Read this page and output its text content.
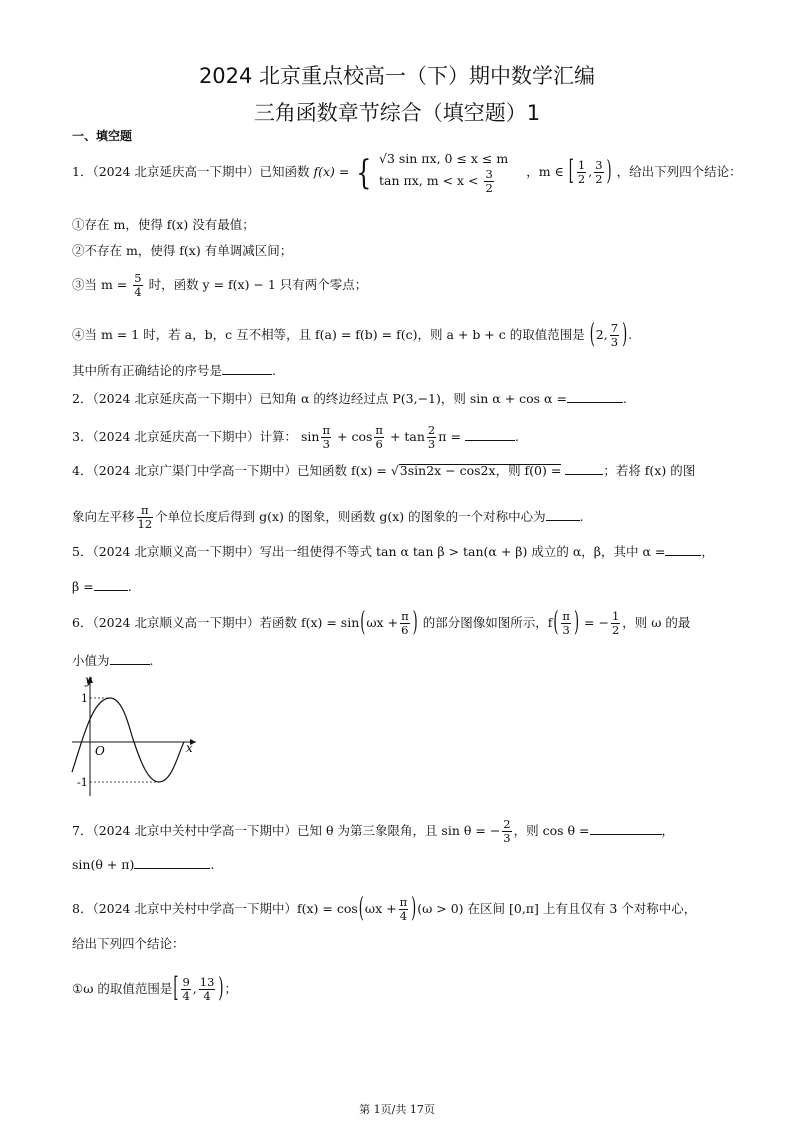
2024 北京重点校高一（下）期中数学汇编
三角函数章节综合（填空题）1
一、填空题
1．（2024 北京延庆高一下期中）已知函数 f(x) = { √3 sin πx, 0 ≤ x ≤ m
tan πx, $m < x < \frac{3}{2}$	，m ∈ [ $\frac{1}{2}$ , $\frac{3}{2}$ ) ，给出下列四个结论：
①存在 m，使得 f(x) 没有最值；
②不存在 m，使得 f(x) 有单调减区间；
③当 $m = \frac{5}{4}$ 时，函数 y = f(x) − 1 只有两个零点；
④当 m = 1 时，若 a，b，c 互不相等，且 f(a) = f(b) = f(c)，则 a + b + c 的取值范围是 (2, $\frac{7}{3}$ ).
其中所有正确结论的序号是	.
2．（2024 北京延庆高一下期中）已知角 α 的终边经过点 P(3,−1)，则 sin α + cos α =	.
3．（2024 北京延庆高一下期中）计算： $\sin \frac{\pi}{3} + \cos \frac{\pi}{6} + \tan \frac{2}{3}$ π =	.
4．（2024 北京广渠门中学高一下期中）已知函数 f(x) = √3sin2x − cos2x，则 f(0) =	；若将 f(x) 的图
象向左平移 $\frac{\pi}{12}$ 个单位长度后得到 g(x) 的图象，则函数 g(x) 的图象的一个对称中心为	.
5．（2024 北京顺义高一下期中）写出一组使得不等式 tan α tan β > tan(α + β) 成立的 α，β，其中 α =	，
β =	.
6．（2024 北京顺义高一下期中）若函数 $f(x) = \sin(\omega x + \frac{\pi}{6}$ ) 的部分图像如图所示，$f( \frac{\pi}{3}$ ) = − $\frac{1}{2}$ ，则 ω 的最
小值为	.
y
x
O
1
-1
7．（2024 北京中关村中学高一下期中）已知 θ 为第三象限角，且 sin θ = − $\frac{2}{3}$ ，则 cos θ =	，
sin(θ + π)	.
8．（2024 北京中关村中学高一下期中）$f(x) = \cos(\omega x + \frac{\pi}{4} )(\omega > 0)$ 在区间 [0,π] 上有且仅有 3 个对称中心，
给出下列四个结论：
①ω 的取值范围是[ $\frac{9}{4}$ , $\frac{13}{4}$ )；
第 1页/共 17页
